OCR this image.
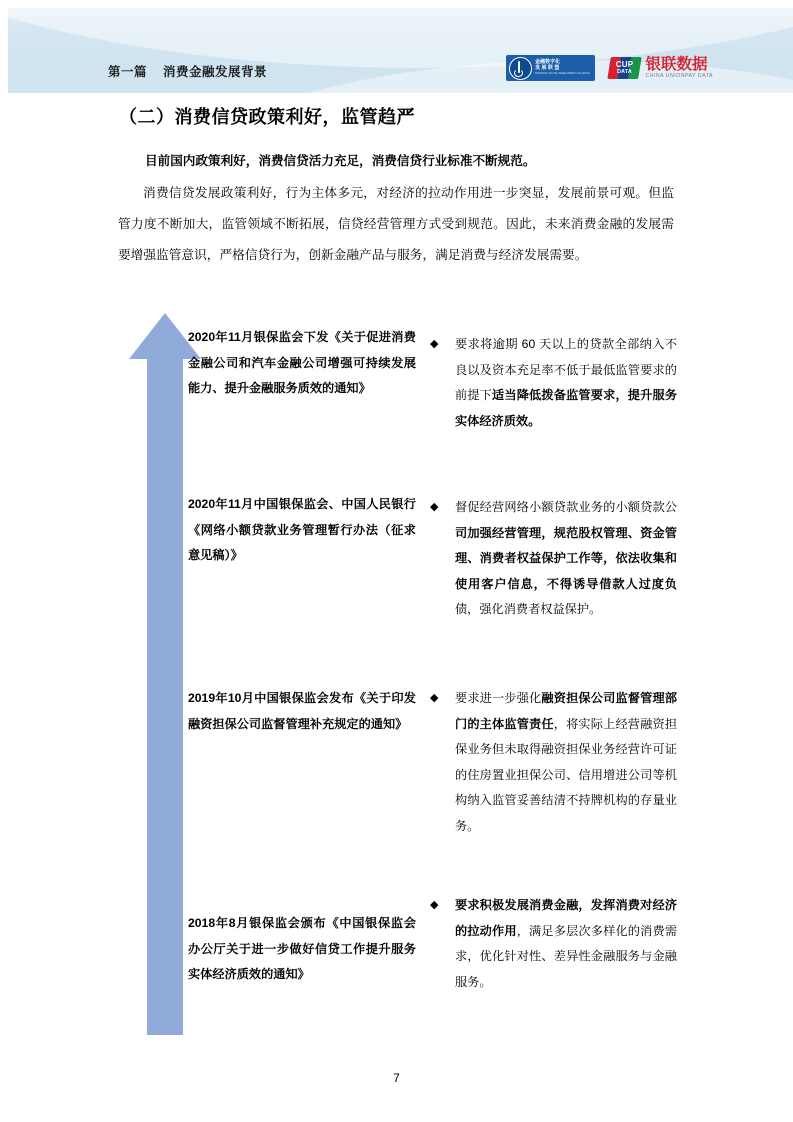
第一篇 消费金融发展背景
金融数字化
发 展 联 盟
FINANCIAL DIGITAL DEVELOPMENT ALLIANCE
CUP
DATA 银联数据
CHINA UNIONPAY DATA
（二）消费信贷政策利好，监管趋严
目前国内政策利好，消费信贷活力充足，消费信贷行业标准不断规范。
消费信贷发展政策利好，行为主体多元，对经济的拉动作用进一步突显，发展前景可观。但监管力度不断加大，监管领域不断拓展，信贷经营管理方式受到规范。因此，未来消费金融的发展需要增强监管意识，严格信贷行为，创新金融产品与服务，满足消费与经济发展需要。
2020年11月银保监会下发《关于促进消费金融公司和汽车金融公司增强可持续发展能力、提升金融服务质效的通知》
◆ 要求将逾期 60 天以上的贷款全部纳入不良以及资本充足率不低于最低监管要求的前提下适当降低拨备监管要求，提升服务实体经济质效。
2020年11月中国银保监会、中国人民银行《网络小额贷款业务管理暂行办法（征求意见稿）》
◆ 督促经营网络小额贷款业务的小额贷款公司加强经营管理，规范股权管理、资金管理、消费者权益保护工作等，依法收集和使用客户信息，不得诱导借款人过度负债，强化消费者权益保护。
2019年10月中国银保监会发布《关于印发融资担保公司监督管理补充规定的通知》
◆ 要求进一步强化融资担保公司监督管理部门的主体监管责任，将实际上经营融资担保业务但未取得融资担保业务经营许可证的住房置业担保公司、信用增进公司等机构纳入监管妥善结清不持牌机构的存量业务。
2018年8月银保监会颁布《中国银保监会办公厅关于进一步做好信贷工作提升服务实体经济质效的通知》
◆ 要求积极发展消费金融，发挥消费对经济的拉动作用，满足多层次多样化的消费需求，优化针对性、差异性金融服务与金融服务。
7
